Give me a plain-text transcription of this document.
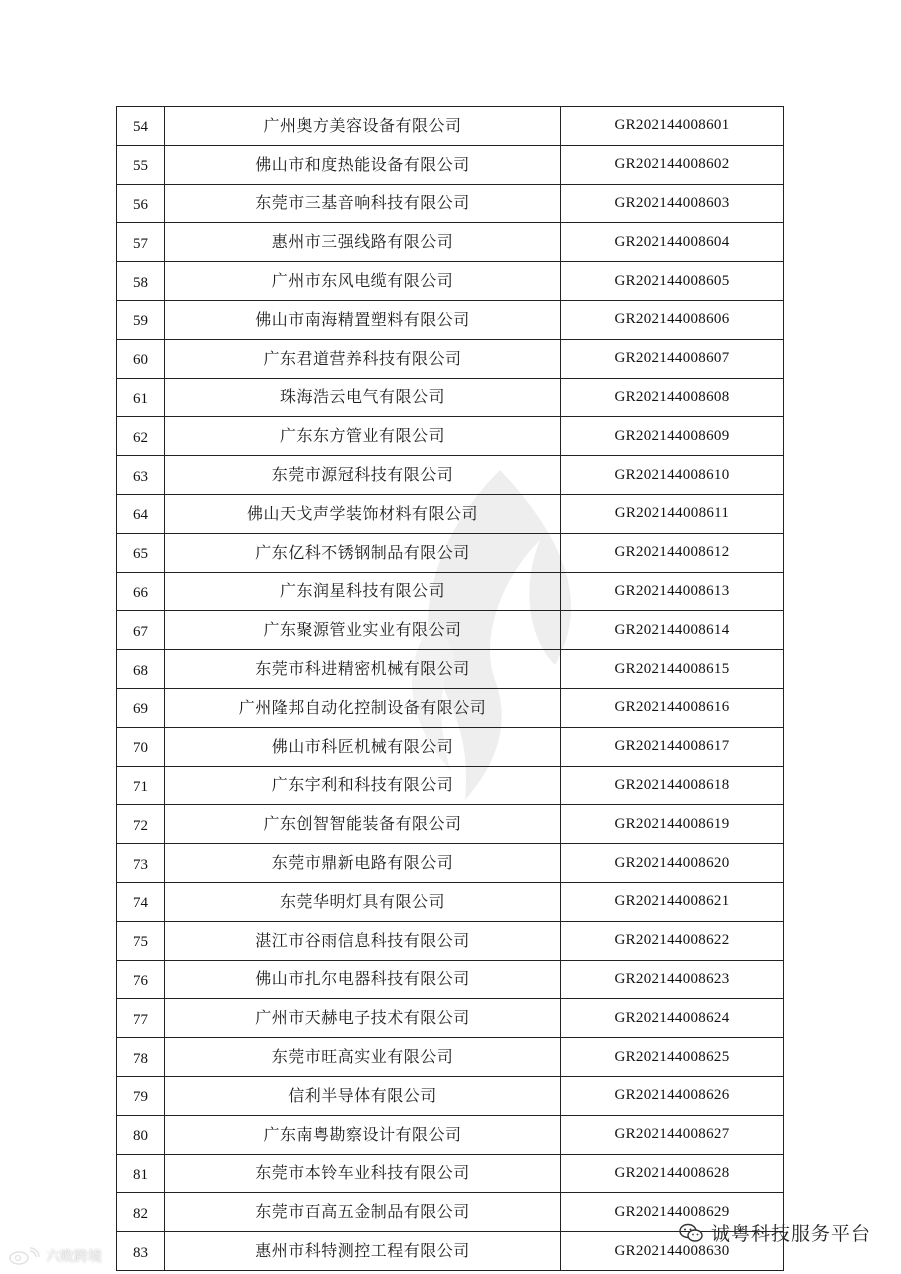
54	广州奥方美容设备有限公司	GR202144008601
55	佛山市和度热能设备有限公司	GR202144008602
56	东莞市三基音响科技有限公司	GR202144008603
57	惠州市三强线路有限公司	GR202144008604
58	广州市东风电缆有限公司	GR202144008605
59	佛山市南海精置塑料有限公司	GR202144008606
60	广东君道营养科技有限公司	GR202144008607
61	珠海浩云电气有限公司	GR202144008608
62	广东东方管业有限公司	GR202144008609
63	东莞市源冠科技有限公司	GR202144008610
64	佛山天戈声学装饰材料有限公司	GR202144008611
65	广东亿科不锈钢制品有限公司	GR202144008612
66	广东润星科技有限公司	GR202144008613
67	广东聚源管业实业有限公司	GR202144008614
68	东莞市科进精密机械有限公司	GR202144008615
69	广州隆邦自动化控制设备有限公司	GR202144008616
70	佛山市科匠机械有限公司	GR202144008617
71	广东宇利和科技有限公司	GR202144008618
72	广东创智智能装备有限公司	GR202144008619
73	东莞市鼎新电路有限公司	GR202144008620
74	东莞华明灯具有限公司	GR202144008621
75	湛江市谷雨信息科技有限公司	GR202144008622
76	佛山市扎尔电器科技有限公司	GR202144008623
77	广州市天赫电子技术有限公司	GR202144008624
78	东莞市旺高实业有限公司	GR202144008625
79	信利半导体有限公司	GR202144008626
80	广东南粤勘察设计有限公司	GR202144008627
81	东莞市本铃车业科技有限公司	GR202144008628
82	东莞市百高五金制品有限公司	GR202144008629
83	惠州市科特测控工程有限公司	GR202144008630
六败跨境
诚粤科技服务平台
